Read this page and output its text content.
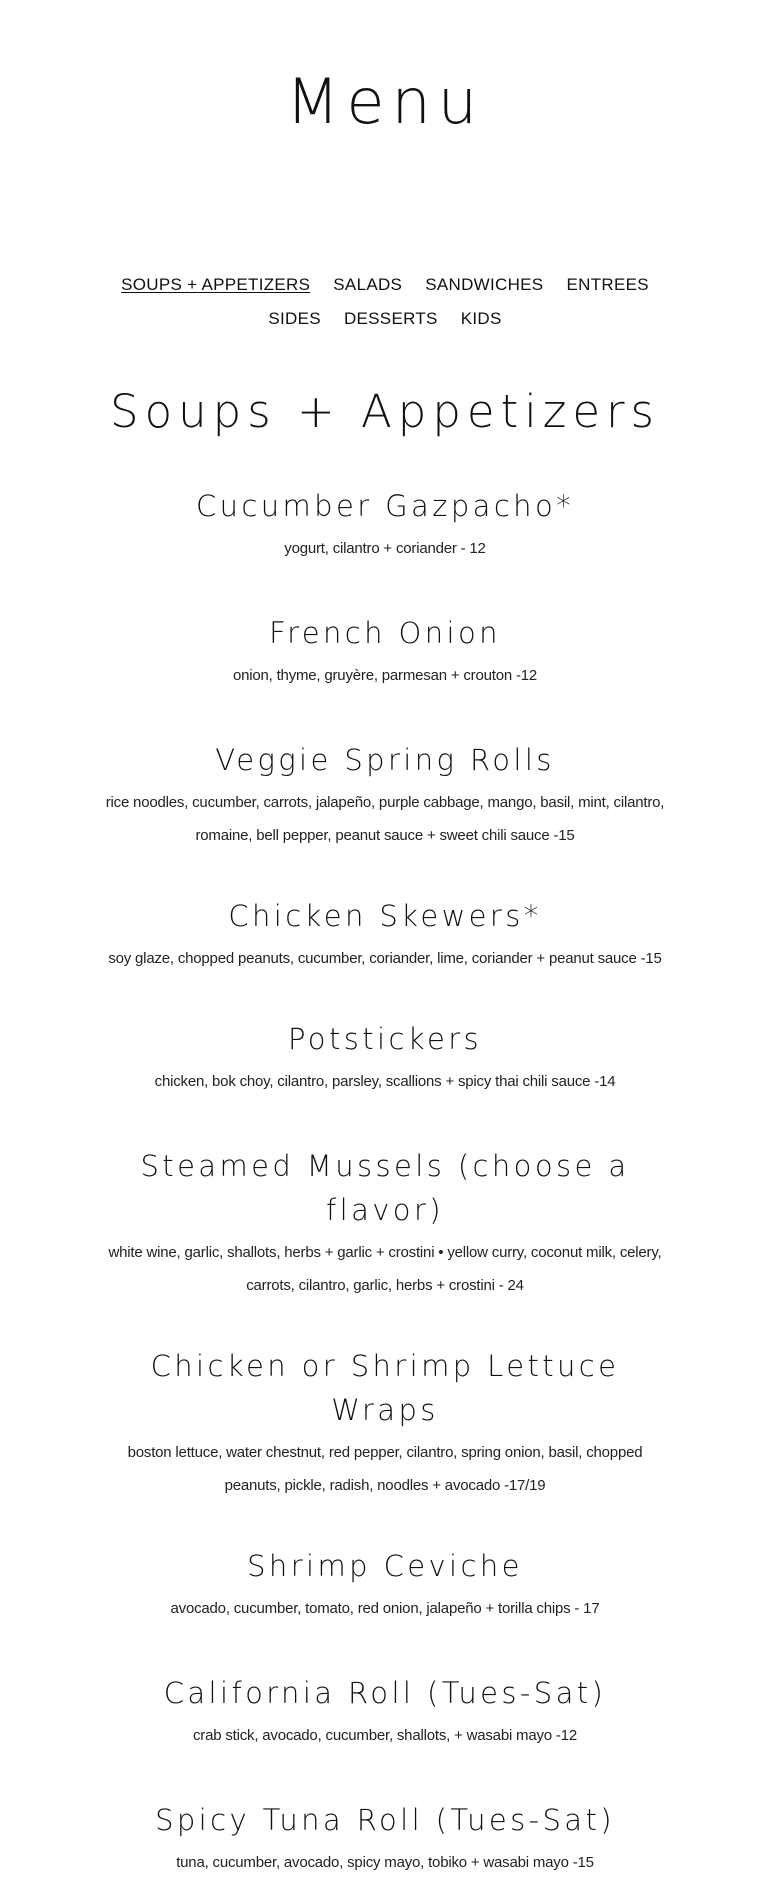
Menu
SOUPS + APPETIZERS SALADS SANDWICHES ENTREES
SIDES DESSERTS KIDS
Soups + Appetizers
Cucumber Gazpacho*

yogurt, cilantro + coriander - 12

French Onion

onion, thyme, gruyère, parmesan + crouton -12

Veggie Spring Rolls

rice noodles, cucumber, carrots, jalapeño, purple cabbage, mango, basil, mint, cilantro, romaine, bell pepper, peanut sauce + sweet chili sauce -15

Chicken Skewers*

soy glaze, chopped peanuts, cucumber, coriander, lime, coriander + peanut sauce -15

Potstickers

chicken, bok choy, cilantro, parsley, scallions + spicy thai chili sauce -14

Steamed Mussels (choose a flavor)

white wine, garlic, shallots, herbs + garlic + crostini • yellow curry, coconut milk, celery, carrots, cilantro, garlic, herbs + crostini - 24

Chicken or Shrimp Lettuce Wraps

boston lettuce, water chestnut, red pepper, cilantro, spring onion, basil, chopped peanuts, pickle, radish, noodles + avocado -17/19

Shrimp Ceviche

avocado, cucumber, tomato, red onion, jalapeño + torilla chips - 17

California Roll (Tues-Sat)

crab stick, avocado, cucumber, shallots, + wasabi mayo -12

Spicy Tuna Roll (Tues-Sat)

tuna, cucumber, avocado, spicy mayo, tobiko + wasabi mayo -15
